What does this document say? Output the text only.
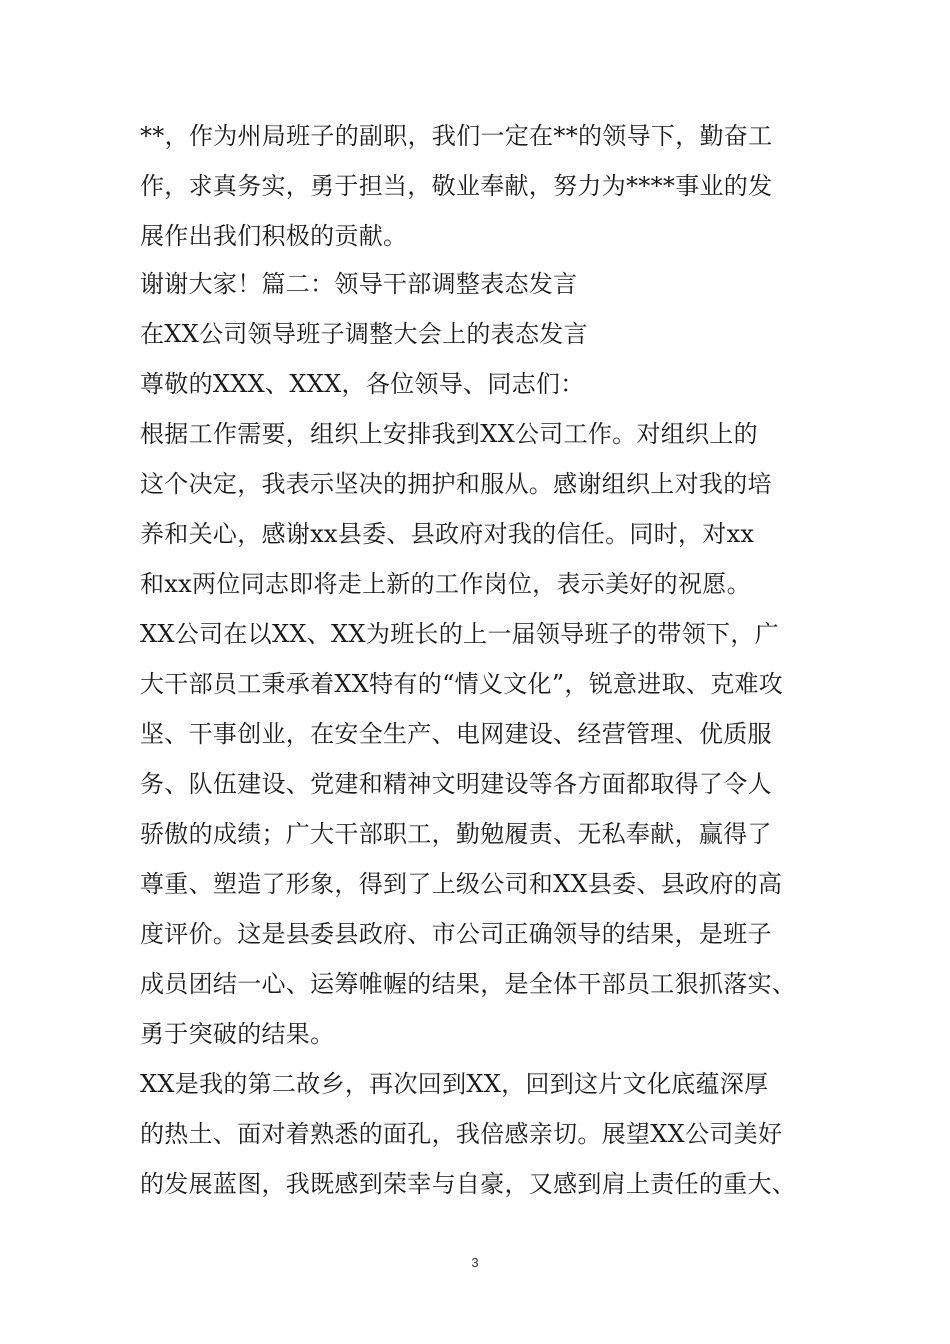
**，作为州局班子的副职，我们一定在**的领导下，勤奋工
作，求真务实，勇于担当，敬业奉献，努力为****事业的发
展作出我们积极的贡献。
谢谢大家！篇二：领导干部调整表态发言
在XX公司领导班子调整大会上的表态发言
尊敬的XXX、XXX，各位领导、同志们：
根据工作需要，组织上安排我到XX公司工作。对组织上的
这个决定，我表示坚决的拥护和服从。感谢组织上对我的培
养和关心，感谢xx县委、县政府对我的信任。同时，对xx
和xx两位同志即将走上新的工作岗位，表示美好的祝愿。
XX公司在以XX、XX为班长的上一届领导班子的带领下，广
大干部员工秉承着XX特有的“情义文化”，锐意进取、克难攻
坚、干事创业，在安全生产、电网建设、经营管理、优质服
务、队伍建设、党建和精神文明建设等各方面都取得了令人
骄傲的成绩；广大干部职工，勤勉履责、无私奉献，赢得了
尊重、塑造了形象，得到了上级公司和XX县委、县政府的高
度评价。这是县委县政府、市公司正确领导的结果，是班子
成员团结一心、运筹帷幄的结果，是全体干部员工狠抓落实、
勇于突破的结果。
XX是我的第二故乡，再次回到XX，回到这片文化底蕴深厚
的热土、面对着熟悉的面孔，我倍感亲切。展望XX公司美好
的发展蓝图，我既感到荣幸与自豪，又感到肩上责任的重大、
3
